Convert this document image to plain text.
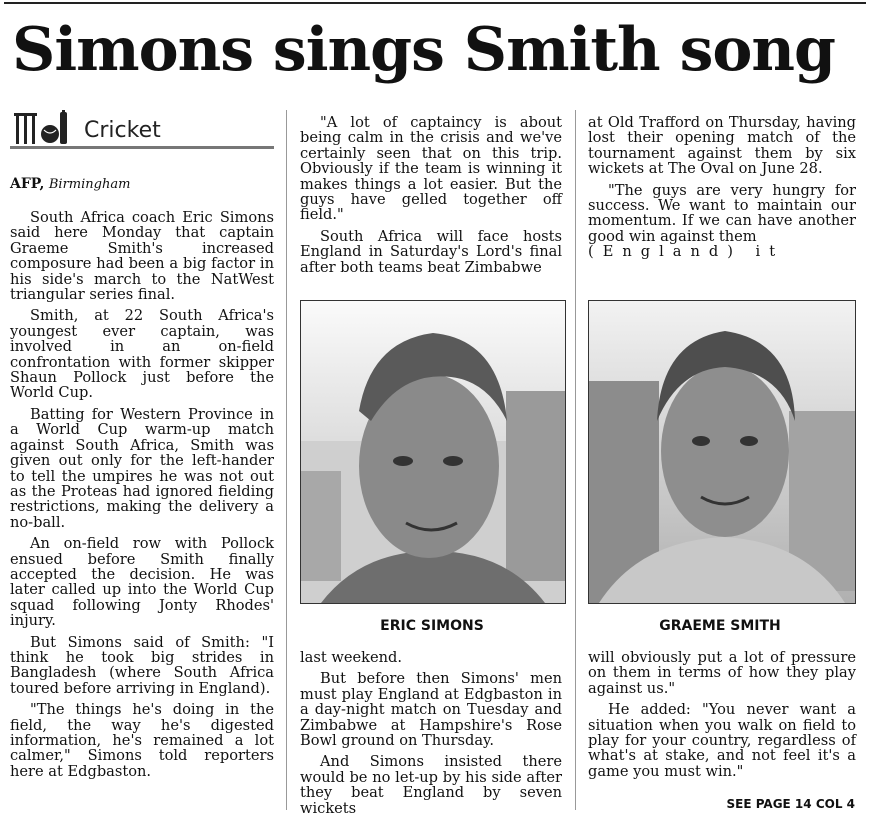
Simons sings Smith song
Cricket
AFP, Birmingham

South Africa coach Eric Simons said here Monday that captain Graeme Smith's increased composure had been a big factor in his side's march to the NatWest triangular series final.

Smith, at 22 South Africa's youngest ever captain, was involved in an on-field confrontation with former skipper Shaun Pollock just before the World Cup.

Batting for Western Province in a World Cup warm-up match against South Africa, Smith was given out only for the left-hander to tell the umpires he was not out as the Proteas had ignored fielding restrictions, making the delivery a no-ball.

An on-field row with Pollock ensued before Smith finally accepted the decision. He was later called up into the World Cup squad following Jonty Rhodes' injury.

But Simons said of Smith: "I think he took big strides in Bangladesh (where South Africa toured before arriving in England).

"The things he's doing in the field, the way he's digested information, he's remained a lot calmer," Simons told reporters here at Edgbaston.

"A lot of captaincy is about being calm in the crisis and we've certainly seen that on this trip. Obviously if the team is winning it makes things a lot easier. But the guys have gelled together off field."

South Africa will face hosts England in Saturday's Lord's final after both teams beat Zimbabwe

at Old Trafford on Thursday, having lost their opening match of the tournament against them by six wickets at The Oval on June 28.

"The guys are very hungry for success. We want to maintain our momentum. If we can have another good win against them

(England) it

ERIC SIMONS	GRAEME SMITH

last weekend.

But before then Simons' men must play England at Edgbaston in a day-night match on Tuesday and Zimbabwe at Hampshire's Rose Bowl ground on Thursday.

And Simons insisted there would be no let-up by his side after they beat England by seven wickets

will obviously put a lot of pressure on them in terms of how they play against us."

He added: "You never want a situation when you walk on field to play for your country, regardless of what's at stake, and not feel it's a game you must win."

SEE PAGE 14 COL 4
